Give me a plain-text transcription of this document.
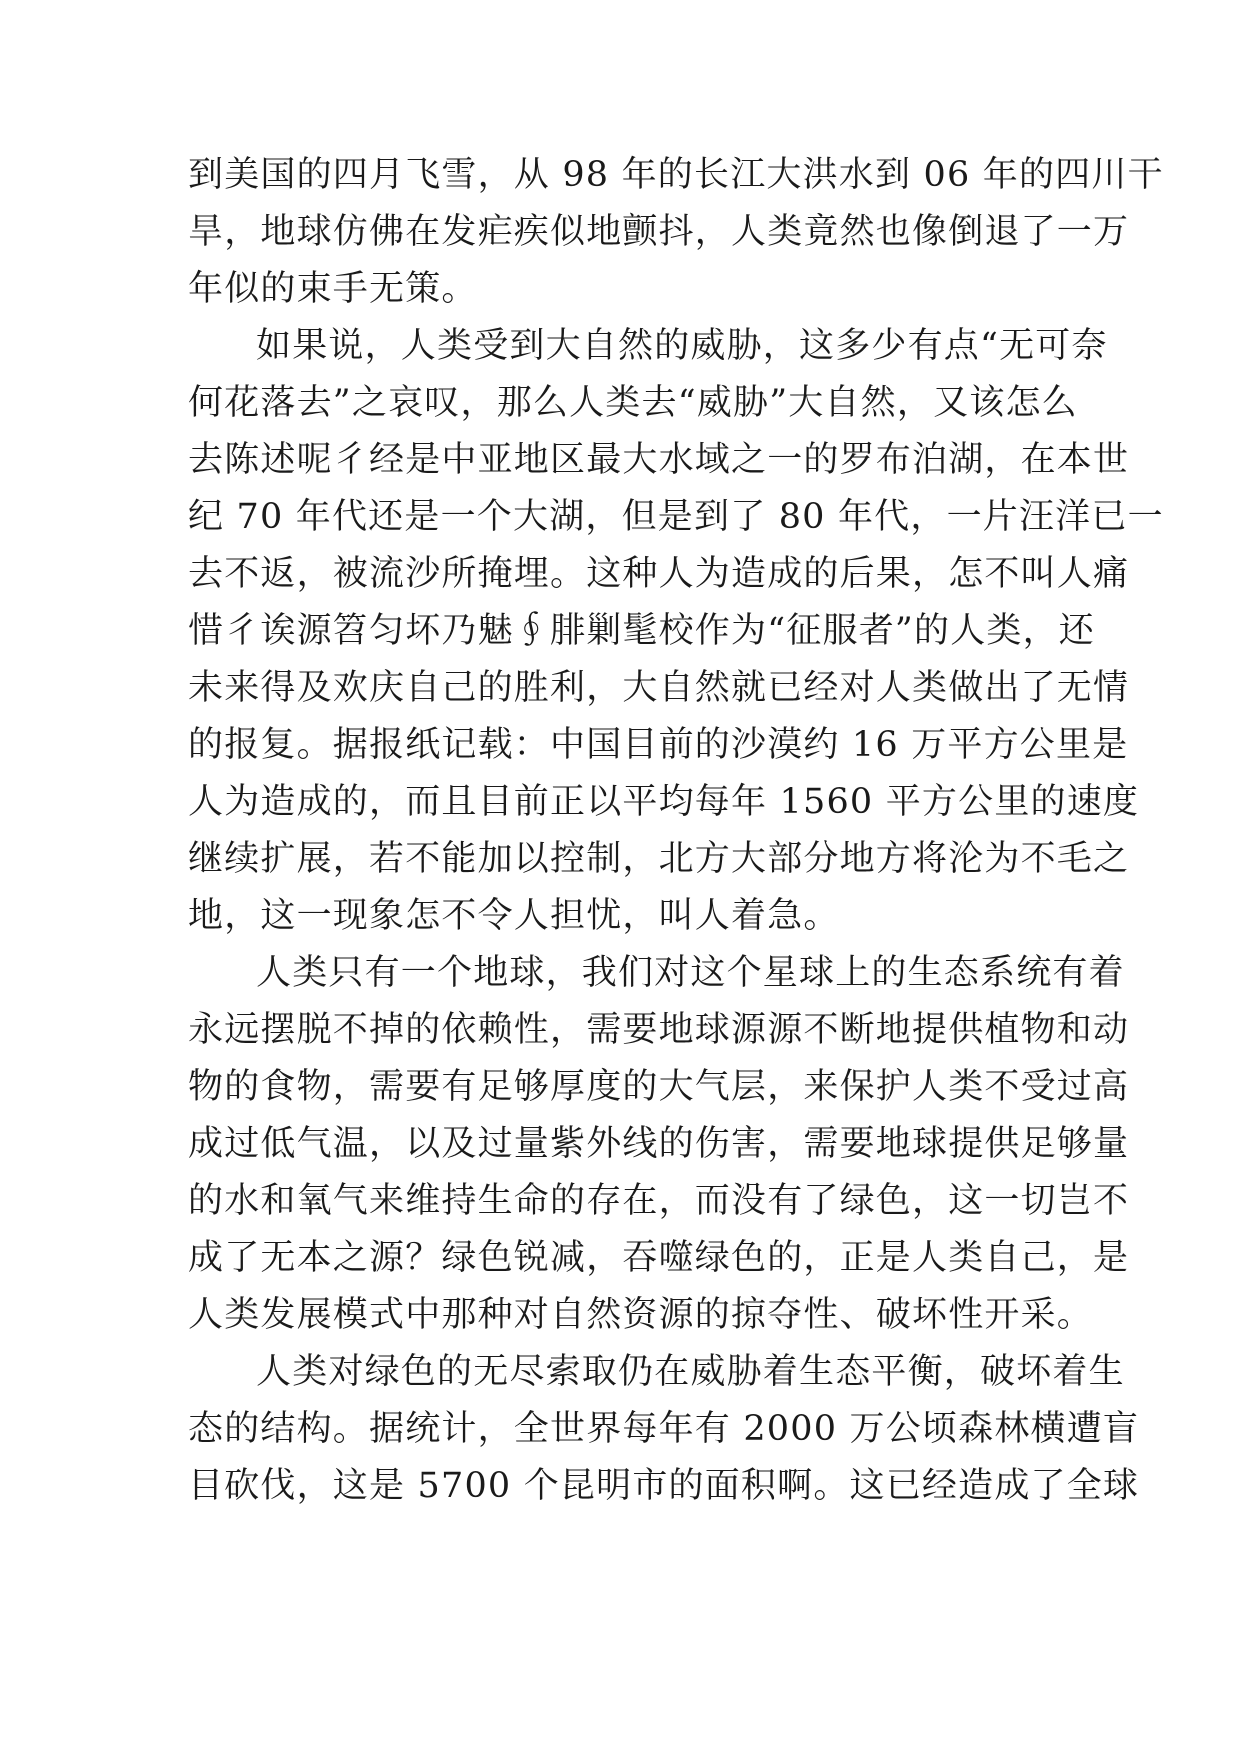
到美国的四月飞雪，从 98 年的长江大洪水到 06 年的四川干
旱，地球仿佛在发疟疾似地颤抖，人类竟然也像倒退了一万
年似的束手无策。
如果说，人类受到大自然的威胁，这多少有点“无可奈
何花落去”之哀叹，那么人类去“威胁”大自然，又该怎么
去陈述呢彳经是中亚地区最大水域之一的罗布泊湖，在本世
纪 70 年代还是一个大湖，但是到了 80 年代，一片汪洋已一
去不返，被流沙所掩埋。这种人为造成的后果，怎不叫人痛
惜彳诶源笤匀坏乃魅∮腓剿髦校作为“征服者”的人类，还
未来得及欢庆自己的胜利，大自然就已经对人类做出了无情
的报复。据报纸记载：中国目前的沙漠约 16 万平方公里是
人为造成的，而且目前正以平均每年 1560 平方公里的速度
继续扩展，若不能加以控制，北方大部分地方将沦为不毛之
地，这一现象怎不令人担忧，叫人着急。
人类只有一个地球，我们对这个星球上的生态系统有着
永远摆脱不掉的依赖性，需要地球源源不断地提供植物和动
物的食物，需要有足够厚度的大气层，来保护人类不受过高
成过低气温，以及过量紫外线的伤害，需要地球提供足够量
的水和氧气来维持生命的存在，而没有了绿色，这一切岂不
成了无本之源？绿色锐减，吞噬绿色的，正是人类自己，是
人类发展模式中那种对自然资源的掠夺性、破坏性开采。
人类对绿色的无尽索取仍在威胁着生态平衡，破坏着生
态的结构。据统计，全世界每年有 2000 万公顷森林横遭盲
目砍伐，这是 5700 个昆明市的面积啊。这已经造成了全球
